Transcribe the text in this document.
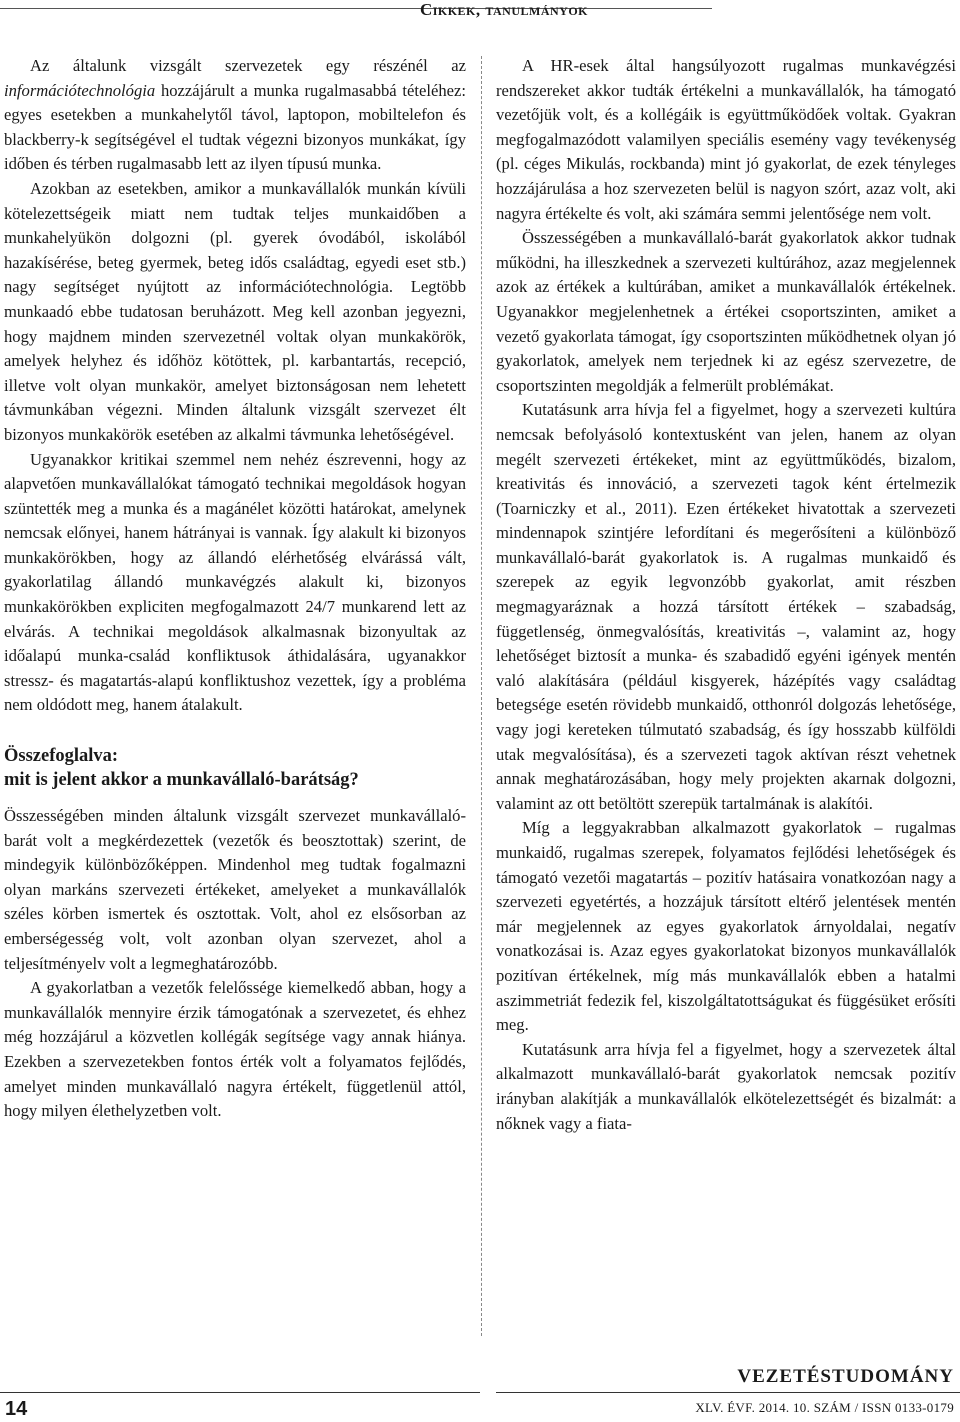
Cikkek, tanulmányok

Az általunk vizsgált szervezetek egy részénél az információtechnológia hozzájárult a munka rugalmasabbá tételéhez: egyes esetekben a munkahelytől távol, laptopon, mobiltelefon és blackberry-k segítségével el tudtak végezni bizonyos munkákat, így időben és térben rugalmasabb lett az ilyen típusú munka.

Azokban az esetekben, amikor a munkavállalók munkán kívüli kötelezettségeik miatt nem tudtak teljes munkaidőben a munkahelyükön dolgozni (pl. gyerek óvodából, iskolából hazakísérése, beteg gyermek, beteg idős családtag, egyedi eset stb.) nagy segítséget nyújtott az információtechnológia. Legtöbb munkaadó ebbe tudatosan beruházott. Meg kell azonban jegyezni, hogy majdnem minden szervezetnél voltak olyan munkakörök, amelyek helyhez és időhöz kötöttek, pl. karbantartás, recepció, illetve volt olyan munkakör, amelyet biztonságosan nem lehetett távmunkában végezni. Minden általunk vizsgált szervezet élt bizonyos munkakörök esetében az alkalmi távmunka lehetőségével.

Ugyanakkor kritikai szemmel nem nehéz észrevenni, hogy az alapvetően munkavállalókat támogató technikai megoldások hogyan szüntették meg a munka és a magánélet közötti határokat, amelynek nemcsak előnyei, hanem hátrányai is vannak. Így alakult ki bizonyos munkakörökben, hogy az állandó elérhetőség elvárássá vált, gyakorlatilag állandó munkavégzés alakult ki, bizonyos munkakörökben expliciten megfogalmazott 24/7 munkarend lett az elvárás. A technikai megoldások alkalmasnak bizonyultak az időalapú munka-család konfliktusok áthidalására, ugyanakkor stressz- és magatartás-alapú konfliktushoz vezettek, így a probléma nem oldódott meg, hanem átalakult.

Összefoglalva:
mit is jelent akkor a munkavállaló-barátság?

Összességében minden általunk vizsgált szervezet munkavállaló-barát volt a megkérdezettek (vezetők és beosztottak) szerint, de mindegyik különbözőképpen. Mindenhol meg tudtak fogalmazni olyan markáns szervezeti értékeket, amelyeket a munkavállalók széles körben ismertek és osztottak. Volt, ahol ez elsősorban az emberségesség volt, volt azonban olyan szervezet, ahol a teljesítményelv volt a legmeghatározóbb.

A gyakorlatban a vezetők felelőssége kiemelkedő abban, hogy a munkavállalók mennyire érzik támogatónak a szervezetet, és ehhez még hozzájárul a közvetlen kollégák segítsége vagy annak hiánya. Ezekben a szervezetekben fontos érték volt a folyamatos fejlődés, amelyet minden munkavállaló nagyra értékelt, függetlenül attól, hogy milyen élethelyzetben volt.

A HR-esek által hangsúlyozott rugalmas munkavégzési rendszereket akkor tudták értékelni a munkavállalók, ha támogató vezetőjük volt, és a kollégáik is együttműködőek voltak. Gyakran megfogalmazódott valamilyen speciális esemény vagy tevékenység (pl. céges Mikulás, rockbanda) mint jó gyakorlat, de ezek tényleges hozzájárulása a hoz szervezeten belül is nagyon szórt, azaz volt, aki nagyra értékelte és volt, aki számára semmi jelentősége nem volt.

Összességében a munkavállaló-barát gyakorlatok akkor tudnak működni, ha illeszkednek a szervezeti kultúrához, azaz megjelennek azok az értékek a kultúrában, amiket a munkavállalók értékelnek. Ugyanakkor megjelenhetnek a értékei csoportszinten, amiket a vezető gyakorlata támogat, így csoportszinten működhetnek olyan jó gyakorlatok, amelyek nem terjednek ki az egész szervezetre, de csoportszinten megoldják a felmerült problémákat.

Kutatásunk arra hívja fel a figyelmet, hogy a szervezeti kultúra nemcsak befolyásoló kontextusként van jelen, hanem az olyan megélt szervezeti értékeket, mint az együttműködés, bizalom, kreativitás és innováció, a szervezeti tagok ként értelmezik (Toarniczky et al., 2011). Ezen értékeket hivatottak a szervezeti mindennapok szintjére lefordítani és megerősíteni a különböző munkavállaló-barát gyakorlatok is. A rugalmas munkaidő és szerepek az egyik legvonzóbb gyakorlat, amit részben megmagyaráznak a hozzá társított értékek – szabadság, függetlenség, önmegvalósítás, kreativitás –, valamint az, hogy lehetőséget biztosít a munka- és szabadidő egyéni igények mentén való alakítására (például kisgyerek, házépítés vagy családtag betegsége esetén rövidebb munkaidő, otthonról dolgozás lehetősége, vagy jogi kereteken túlmutató szabadság, és így hosszabb külföldi utak megvalósítása), és a szervezeti tagok aktívan részt vehetnek annak meghatározásában, hogy mely projekten akarnak dolgozni, valamint az ott betöltött szerepük tartalmának is alakítói.

Míg a leggyakrabban alkalmazott gyakorlatok – rugalmas munkaidő, rugalmas szerepek, folyamatos fejlődési lehetőségek és támogató vezetői magatartás – pozitív hatásaira vonatkozóan nagy a szervezeti egyetértés, a hozzájuk társított eltérő jelentések mentén már megjelennek az egyes gyakorlatok árnyoldalai, negatív vonatkozásai is. Azaz egyes gyakorlatokat bizonyos munkavállalók pozitívan értékelnek, míg más munkavállalók ebben a hatalmi aszimmetriát fedezik fel, kiszolgáltatottságukat és függésüket erősíti meg.

Kutatásunk arra hívja fel a figyelmet, hogy a szervezetek által alkalmazott munkavállaló-barát gyakorlatok nemcsak pozitív irányban alakítják a munkavállalók elkötelezettségét és bizalmát: a nőknek vagy a fiata-

14
VEZETÉSTUDOMÁNY
XLV. ÉVF. 2014. 10. SZÁM / ISSN 0133-0179
